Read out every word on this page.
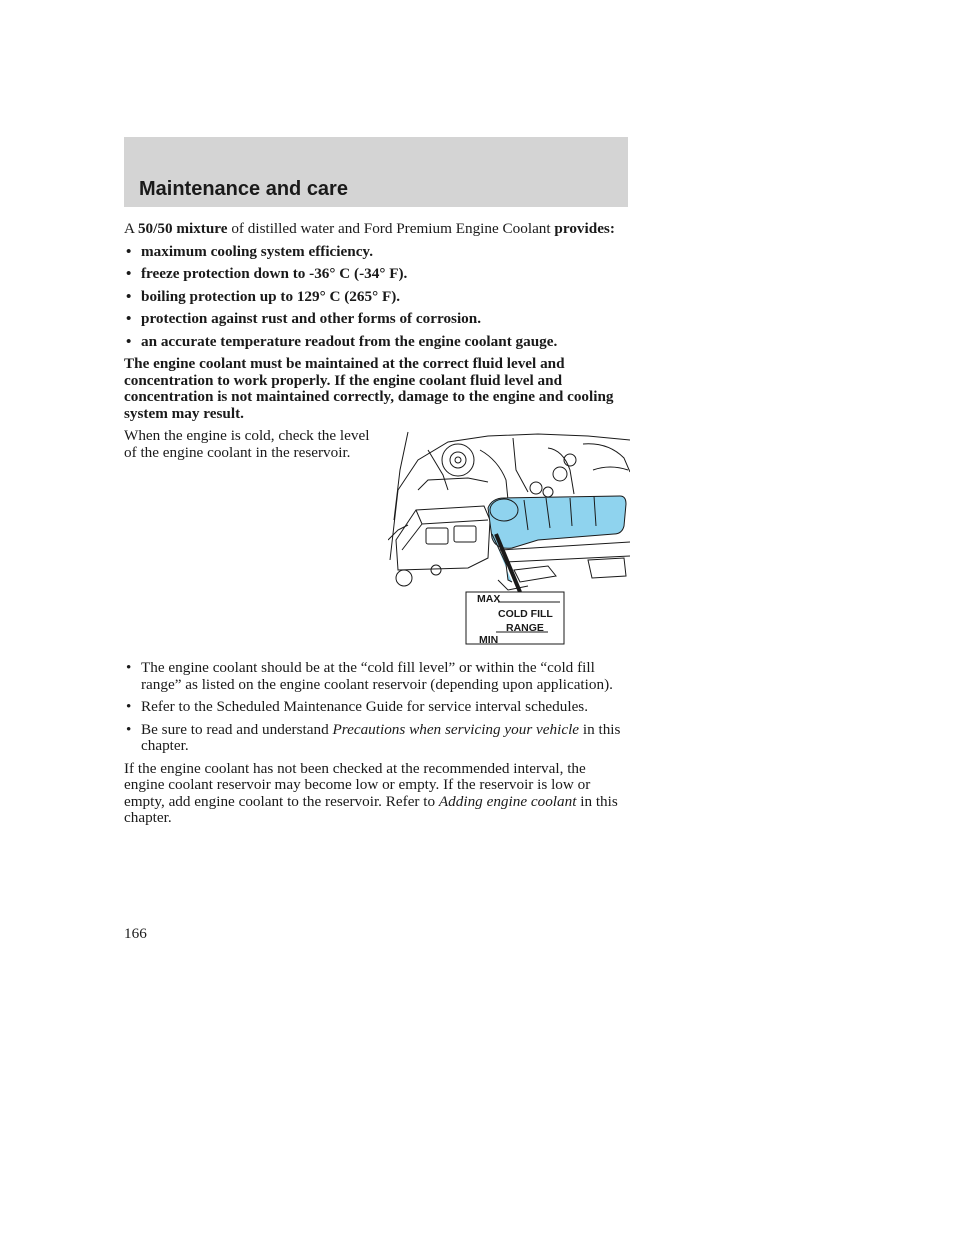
Maintenance and care

A 50/50 mixture of distilled water and Ford Premium Engine Coolant provides:

• maximum cooling system efficiency.
• freeze protection down to -36° C (-34° F).
• boiling protection up to 129° C (265° F).
• protection against rust and other forms of corrosion.
• an accurate temperature readout from the engine coolant gauge.

The engine coolant must be maintained at the correct fluid level and concentration to work properly. If the engine coolant fluid level and concentration is not maintained correctly, damage to the engine and cooling system may result.

When the engine is cold, check the level of the engine coolant in the reservoir.
MAX
COLD FILL
RANGE
MIN
• The engine coolant should be at the “cold fill level” or within the “cold fill range” as listed on the engine coolant reservoir (depending upon application).
• Refer to the Scheduled Maintenance Guide for service interval schedules.
• Be sure to read and understand Precautions when servicing your vehicle in this chapter.

If the engine coolant has not been checked at the recommended interval, the engine coolant reservoir may become low or empty. If the reservoir is low or empty, add engine coolant to the reservoir. Refer to Adding engine coolant in this chapter.

166
